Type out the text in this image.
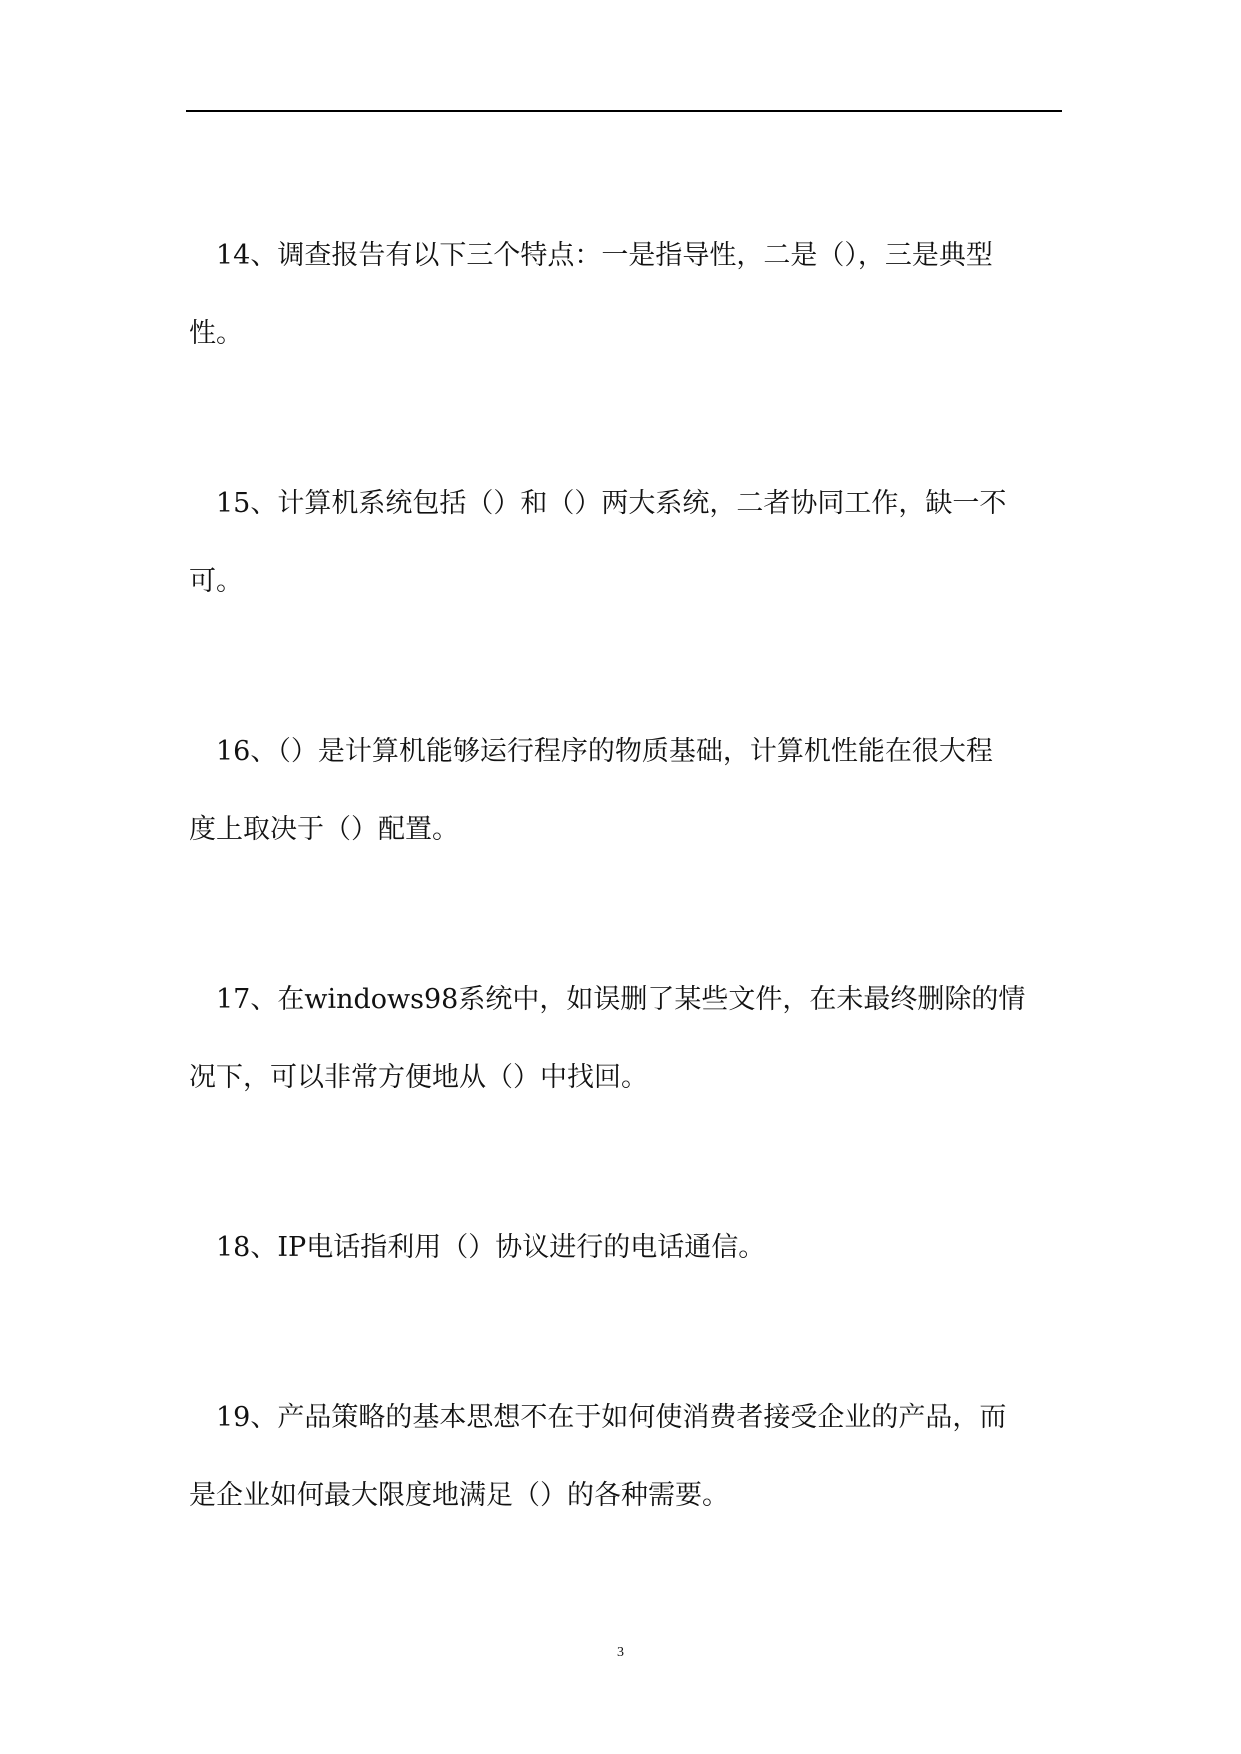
14、调查报告有以下三个特点：一是指导性，二是（），三是典型

性。

15、计算机系统包括（）和（）两大系统，二者协同工作，缺一不

可。

16、（）是计算机能够运行程序的物质基础，计算机性能在很大程

度上取决于（）配置。

17、在windows98系统中，如误删了某些文件，在未最终删除的情

况下，可以非常方便地从（）中找回。

18、IP电话指利用（）协议进行的电话通信。

19、产品策略的基本思想不在于如何使消费者接受企业的产品，而

是企业如何最大限度地满足（）的各种需要。

3
